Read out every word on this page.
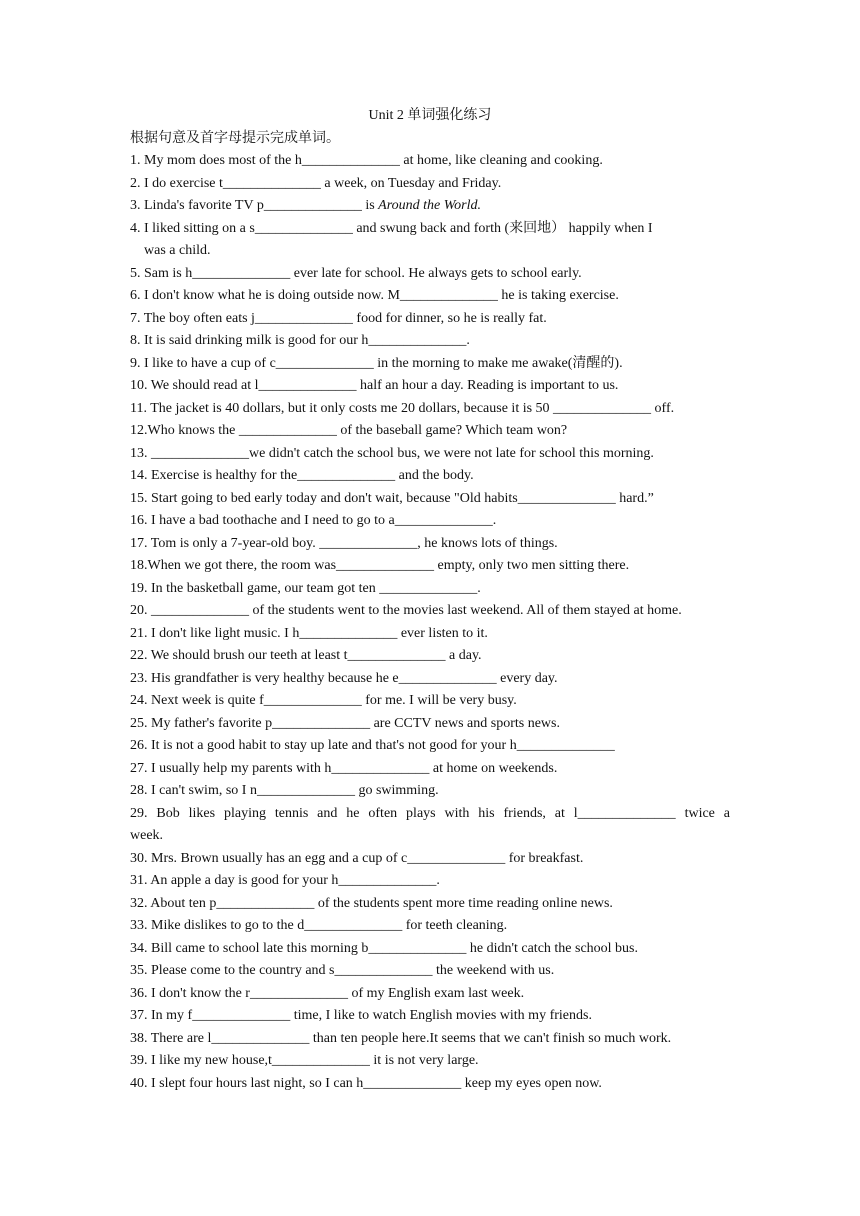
Unit 2 单词强化练习
根据句意及首字母提示完成单词。
1. My mom does most of the h______________ at home, like cleaning and cooking.
2. I do exercise t______________ a week, on Tuesday and Friday.
3. Linda's favorite TV p______________ is Around the World.
4. I liked sitting on a s______________ and swung back and forth (来回地） happily when I
was a child.
5. Sam is h______________ ever late for school. He always gets to school early.
6. I don't know what he is doing outside now. M______________ he is taking exercise.
7. The boy often eats j______________ food for dinner, so he is really fat.
8. It is said drinking milk is good for our h______________.
9. I like to have a cup of c______________ in the morning to make me awake(清醒的).
10. We should read at l______________ half an hour a day. Reading is important to us.
11. The jacket is 40 dollars, but it only costs me 20 dollars, because it is 50 ______________ off.
12.Who knows the ______________ of the baseball game? Which team won?
13. ______________we didn't catch the school bus, we were not late for school this morning.
14. Exercise is healthy for the______________ and the body.
15. Start going to bed early today and don't wait, because "Old habits______________ hard.”
16. I have a bad toothache and I need to go to a______________.
17. Tom is only a 7-year-old boy. ______________, he knows lots of things.
18.When we got there, the room was______________ empty, only two men sitting there.
19. In the basketball game, our team got ten ______________.
20. ______________ of the students went to the movies last weekend. All of them stayed at home.
21. I don't like light music. I h______________ ever listen to it.
22. We should brush our teeth at least t______________ a day.
23. His grandfather is very healthy because he e______________ every day.
24. Next week is quite f______________ for me. I will be very busy.
25. My father's favorite p______________ are CCTV news and sports news.
26. It is not a good habit to stay up late and that's not good for your h______________
27. I usually help my parents with h______________ at home on weekends.
28. I can't swim, so I n______________ go swimming.
29. Bob likes playing tennis and he often plays with his friends, at l______________ twice a
week.
30. Mrs. Brown usually has an egg and a cup of c______________ for breakfast.
31. An apple a day is good for your h______________.
32. About ten p______________ of the students spent more time reading online news.
33. Mike dislikes to go to the d______________ for teeth cleaning.
34. Bill came to school late this morning b______________ he didn't catch the school bus.
35. Please come to the country and s______________ the weekend with us.
36. I don't know the r______________ of my English exam last week.
37. In my f______________ time, I like to watch English movies with my friends.
38. There are l______________ than ten people here.It seems that we can't finish so much work.
39. I like my new house,t______________ it is not very large.
40. I slept four hours last night, so I can h______________ keep my eyes open now.
